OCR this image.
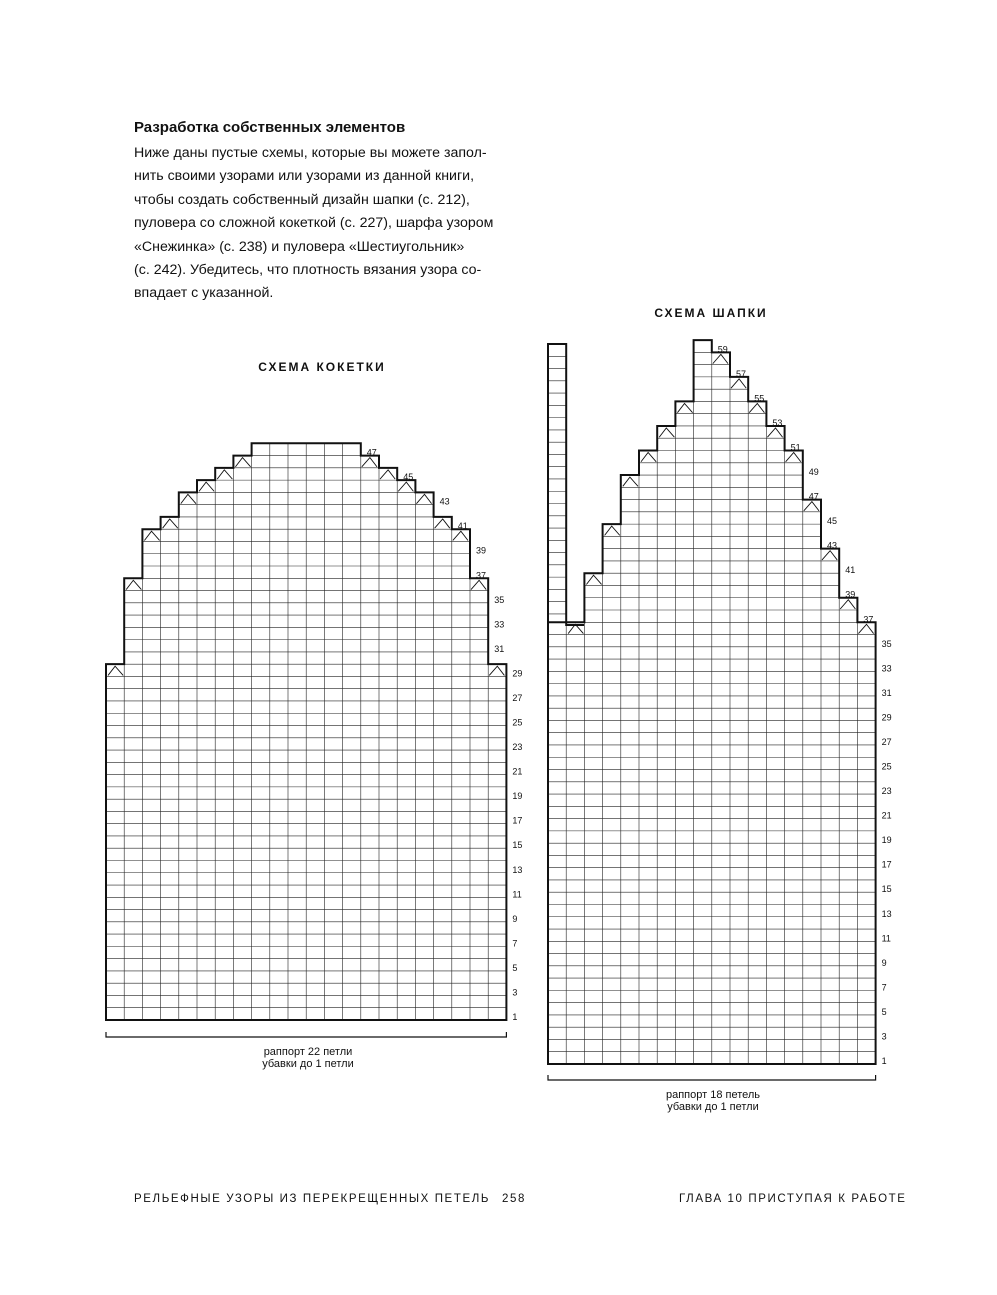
Разработка собственных элементов
Ниже даны пустые схемы, которые вы можете запол-
нить своими узорами или узорами из данной книги,
чтобы создать собственный дизайн шапки (с. 212),
пуловера со сложной кокеткой (с. 227), шарфа узором
«Снежинка» (с. 238) и пуловера «Шестиугольник»
(с. 242). Убедитесь, что плотность вязания узора со-
впадает с указанной.
СХЕМА КОКЕТКИ
СХЕМА ШАПКИ
1
3
5
7
9
11
13
15
17
19
21
23
25
27
29
31
33
35
37
39
41
43
45
47
1
3
5
7
9
11
13
15
17
19
21
23
25
27
29
31
33
35
37
39
41
43
45
47
49
51
53
55
57
59
раппорт 22 петли
убавки до 1 петли
раппорт 18 петель
убавки до 1 петли
РЕЛЬЕФНЫЕ УЗОРЫ ИЗ ПЕРЕКРЕЩЕННЫХ ПЕТЕЛЬ 258	ГЛАВА 10 ПРИСТУПАЯ К РАБОТЕ
